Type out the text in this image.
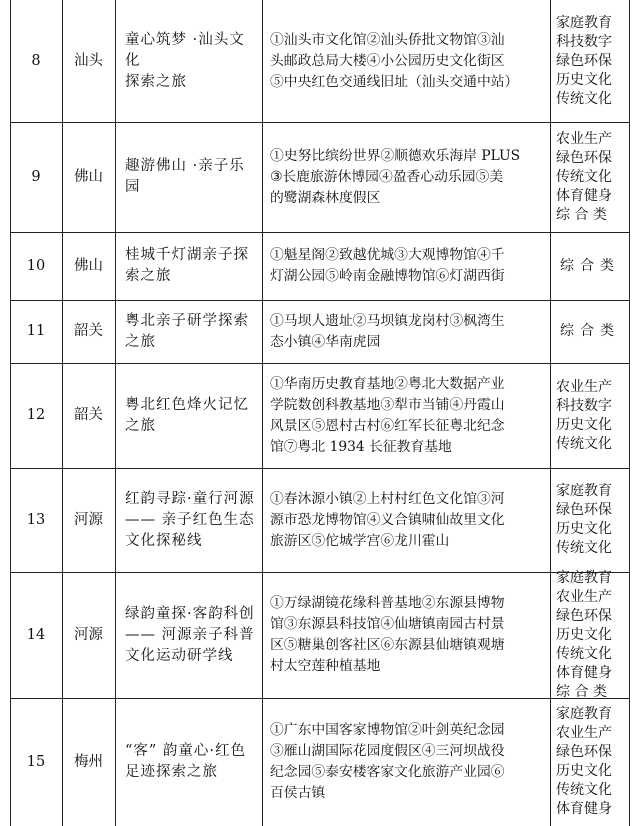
8 汕头
童心筑梦 ·汕头文化
探索之旅
①汕头市文化馆②汕头侨批文物馆③汕
头邮政总局大楼④小公园历史文化街区
⑤中央红色交通线旧址（汕头交通中站）
家庭教育
科技数字
绿色环保
历史文化
传统文化
9 佛山
趣游佛山 ·亲子乐园
①史努比缤纷世界②顺德欢乐海岸 PLUS
③长鹿旅游休博园④盈香心动乐园⑤美
的鹭湖森林度假区
农业生产
绿色环保
传统文化
体育健身
综 合 类
10 佛山
桂城千灯湖亲子探
索之旅
①魁星阁②致越优城③大观博物馆④千
灯湖公园⑤岭南金融博物馆⑥灯湖西街
综合类
11 韶关
粤北亲子研学探索
之旅
①马坝人遗址②马坝镇龙岗村③枫湾生
态小镇④华南虎园
综合类
12 韶关
粤北红色烽火记忆
之旅
①华南历史教育基地②粤北大数据产业
学院数创科教基地③犁市当铺④丹霞山
风景区⑤恩村古村⑥红军长征粤北纪念
馆⑦粤北 1934 长征教育基地
农业生产
科技数字
历史文化
传统文化
13 河源
红韵寻踪·童行河源
—— 亲子红色生态
文化探秘线
①春沐源小镇②上村村红色文化馆③河
源市恐龙博物馆④义合镇啸仙故里文化
旅游区⑤佗城学宫⑥龙川霍山
家庭教育
绿色环保
历史文化
传统文化
14 河源
绿韵童探·客韵科创
—— 河源亲子科普
文化运动研学线
①万绿湖镜花缘科普基地②东源县博物
馆③东源县科技馆④仙塘镇南园古村景
区⑤糖巢创客社区⑥东源县仙塘镇观塘
村太空莲种植基地
家庭教育
农业生产
绿色环保
历史文化
传统文化
体育健身
综 合 类
15 梅州
“客” 韵童心·红色
足迹探索之旅
①广东中国客家博物馆②叶剑英纪念园
③雁山湖国际花园度假区④三河坝战役
纪念园⑤泰安楼客家文化旅游产业园⑥
百侯古镇
家庭教育
农业生产
绿色环保
历史文化
传统文化
体育健身
